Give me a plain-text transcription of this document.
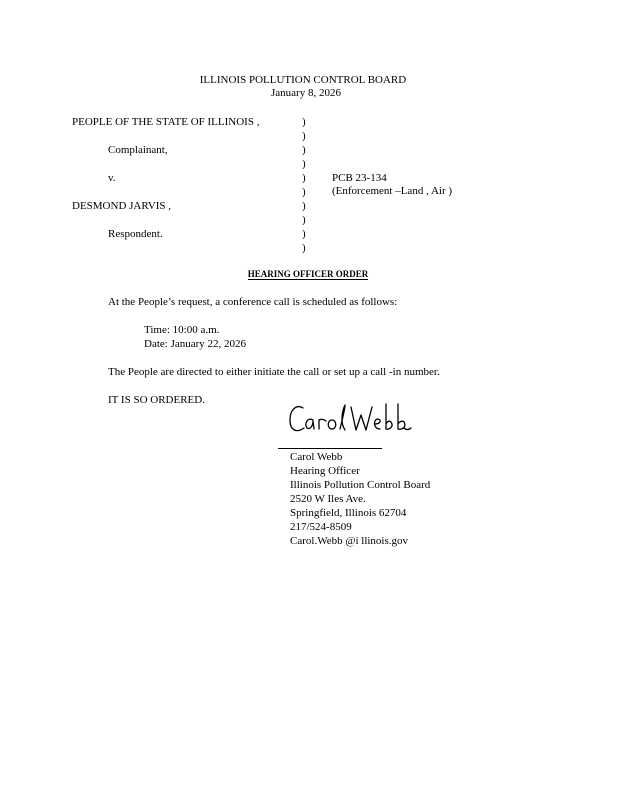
ILLINOIS POLLUTION CONTROL BOARD
January 8, 2026
PEOPLE OF THE STATE OF ILLINOIS ,
Complainant,
v.
DESMOND JARVIS ,
Respondent.
)
)
)
)
)
)
)
)
)
)
PCB 23-134
(Enforcement –Land , Air )
HEARING OFFICER ORDER
At the People’s request, a conference call is scheduled as follows:
Time: 10:00 a.m.
Date: January 22, 2026
The People are directed to either initiate the call or set up a call -in number.
IT IS SO ORDERED.
Carol Webb
Hearing Officer
Illinois Pollution Control Board
2520 W Iles Ave.
Springfield, Illinois 62704
217/524-8509
Carol.Webb @i llinois.gov
